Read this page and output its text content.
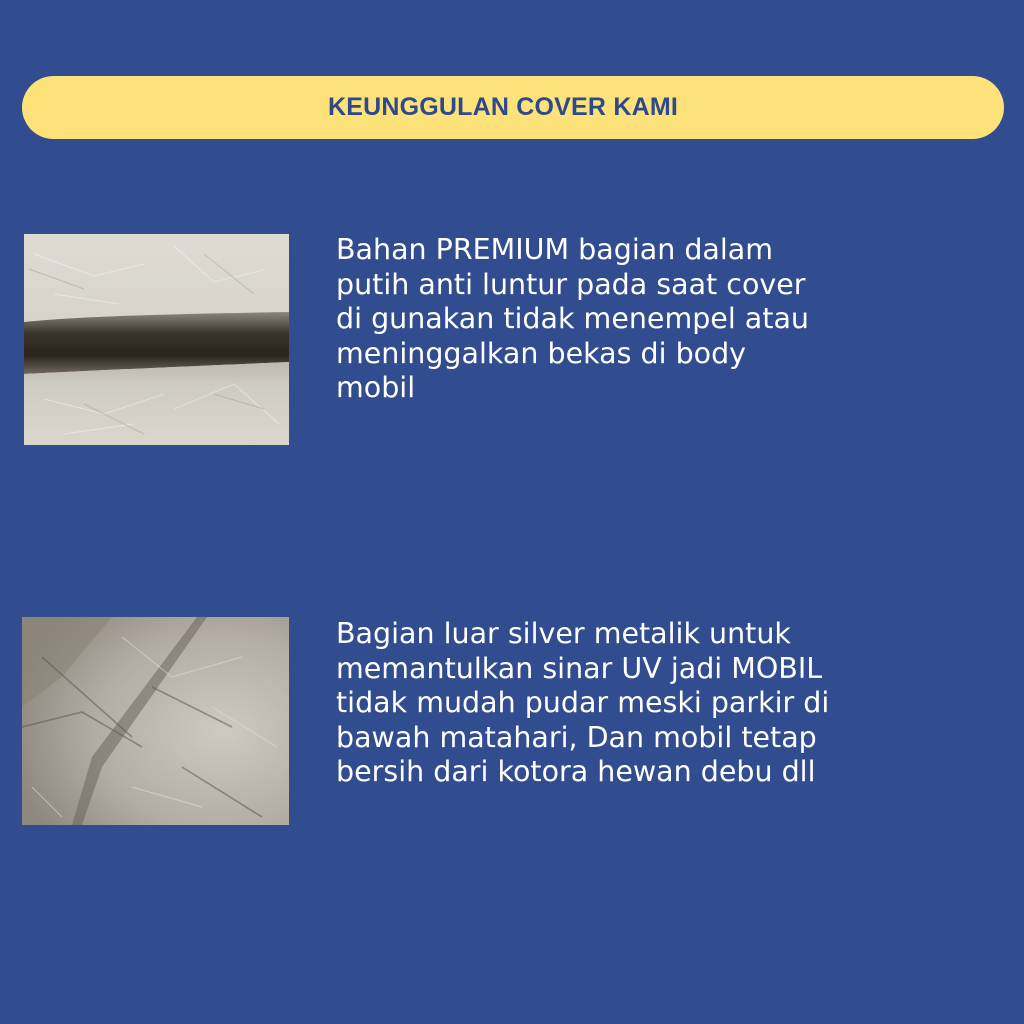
KEUNGGULAN COVER KAMI

Bahan PREMIUM bagian dalam
putih anti luntur pada saat cover
di gunakan tidak menempel atau
meninggalkan bekas di body
mobil

Bagian luar silver metalik untuk
memantulkan sinar UV jadi MOBIL
tidak mudah pudar meski parkir di
bawah matahari, Dan mobil tetap
bersih dari kotora hewan debu dll
